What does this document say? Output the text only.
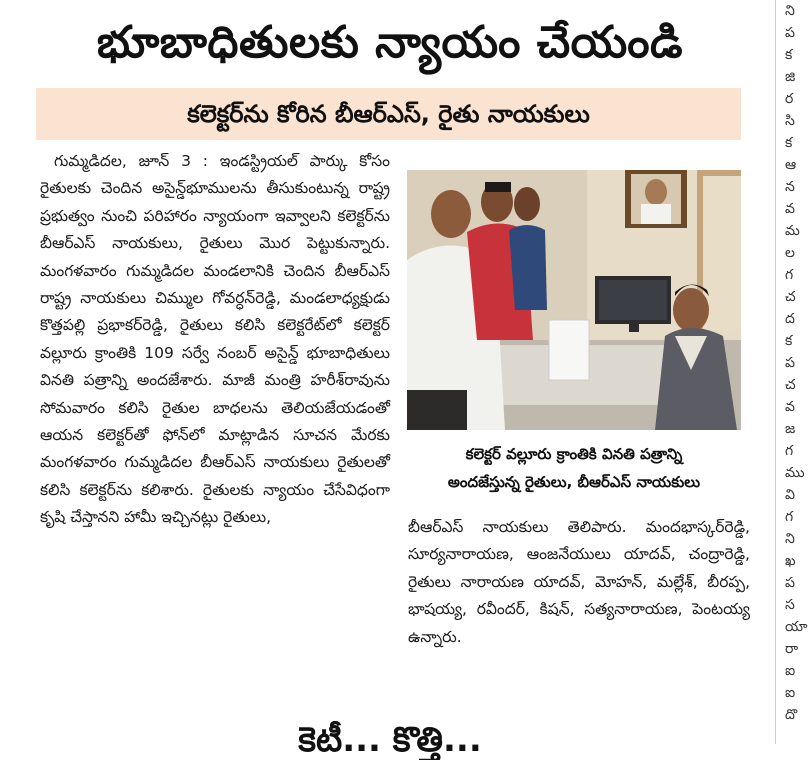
భూబాధితులకు న్యాయం చేయండి
కలెక్టర్‌ను కోరిన బీఆర్ఎస్, రైతు నాయకులు

గుమ్మడిదల, జూన్ 3 : ఇండస్ట్రియల్ పార్కు కోసం రైతులకు చెందిన అసైన్డ్‌భూములను తీసుకుంటున్న రాష్ట్ర ప్రభుత్వం నుంచి పరిహారం న్యాయంగా ఇవ్వాలని కలెక్టర్‌ను బీఆర్ఎస్ నాయకులు, రైతులు మొర పెట్టుకున్నారు. మంగళవారం గుమ్మడిదల మండలానికి చెందిన బీఆర్ఎస్ రాష్ట్ర నాయకులు చిమ్ముల గోవర్ధన్‌రెడ్డి, మండలాధ్యక్షుడు కొత్తపల్లి ప్రభాకర్‌రెడ్డి, రైతులు కలిసి కలెక్టరేట్‌లో కలెక్టర్ వల్లూరు క్రాంతికి 109 సర్వే నంబర్ అసైన్డ్ భూబాధితులు వినతి పత్రాన్ని అందజేశారు. మాజీ మంత్రి హరీశ్‌రావును సోమవారం కలిసి రైతుల బాధలను తెలియజేయడంతో ఆయన కలెక్టర్‌తో ఫోన్‌లో మాట్లాడిన సూచన మేరకు మంగళవారం గుమ్మడిదల బీఆర్ఎస్ నాయకులు రైతులతో కలిసి కలెక్టర్‌ను కలిశారు. రైతులకు న్యాయం చేసేవిధంగా కృషి చేస్తానని హామీ ఇచ్చినట్లు రైతులు,

కలెక్టర్ వల్లూరు క్రాంతికి వినతి పత్రాన్ని
అందజేస్తున్న రైతులు, బీఆర్ఎస్ నాయకులు

బీఆర్ఎస్ నాయకులు తెలిపారు. మందభాస్కర్‌రెడ్డి, సూర్యనారాయణ, ఆంజనేయులు యాదవ్, చంద్రారెడ్డి, రైతులు నారాయణ యాదవ్, మోహన్, మల్లేశ్, బీరప్ప, భాషయ్య, రవీందర్, కిషన్, సత్యనారాయణ, పెంటయ్య ఉన్నారు.

ని
ప
క
జి
ర
సి
క
ఆ
న
వ
మ
ల
గ
చ
ద
క
ప
చ
వ
జ
గ
ము
వి
గ
ని
ఖ
ప
స
యా
రా
ఐ
ఐ
దొ
కెటీ... కొత్తి...
